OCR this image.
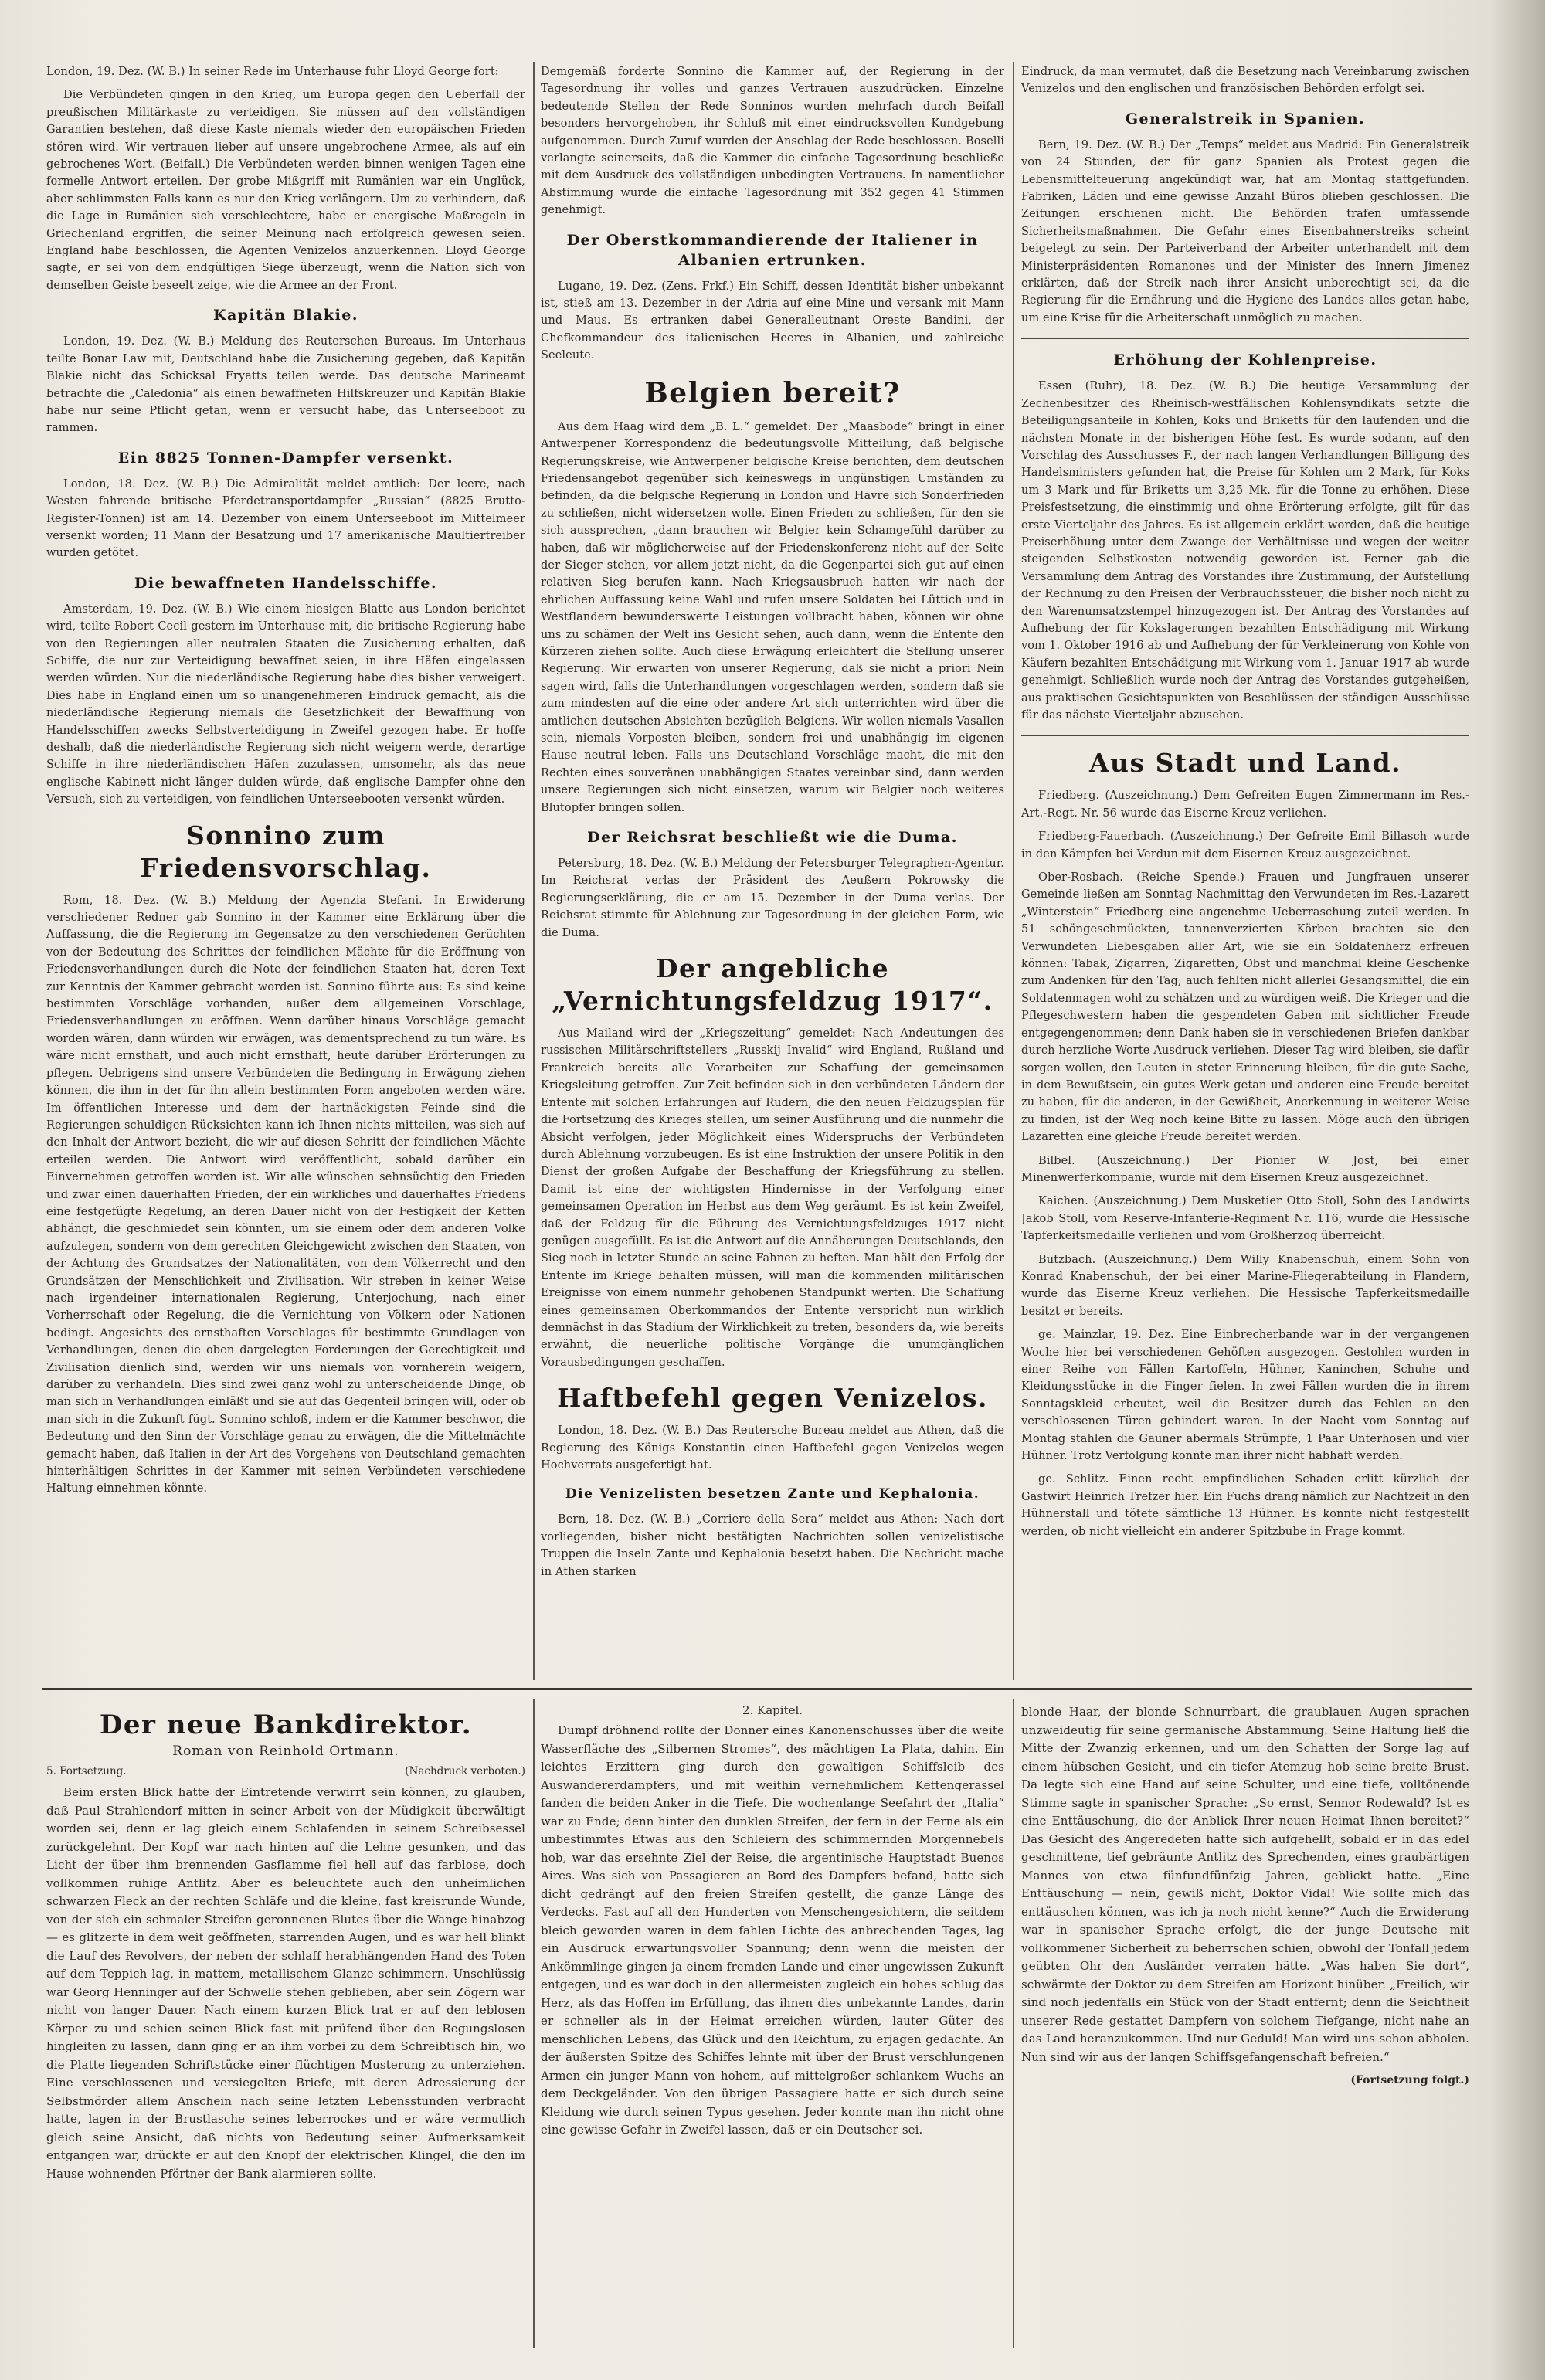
London, 19. Dez. (W. B.) In seiner Rede im Unterhause fuhr Lloyd George fort:

Die Verbündeten gingen in den Krieg, um Europa gegen den Ueberfall der preußischen Militärkaste zu verteidigen. Sie müssen auf den vollständigen Garantien bestehen, daß diese Kaste niemals wieder den europäischen Frieden stören wird. Wir vertrauen lieber auf unsere ungebrochene Armee, als auf ein gebrochenes Wort. (Beifall.) Die Verbündeten werden binnen wenigen Tagen eine formelle Antwort erteilen. Der grobe Mißgriff mit Rumänien war ein Unglück, aber schlimmsten Falls kann es nur den Krieg verlängern. Um zu verhindern, daß die Lage in Rumänien sich verschlechtere, habe er energische Maßregeln in Griechenland ergriffen, die seiner Meinung nach erfolgreich gewesen seien. England habe beschlossen, die Agenten Venizelos anzuerkennen. Lloyd George sagte, er sei von dem endgültigen Siege überzeugt, wenn die Nation sich von demselben Geiste beseelt zeige, wie die Armee an der Front.

Kapitän Blakie.

London, 19. Dez. (W. B.) Meldung des Reuterschen Bureaus. Im Unterhaus teilte Bonar Law mit, Deutschland habe die Zusicherung gegeben, daß Kapitän Blakie nicht das Schicksal Fryatts teilen werde. Das deutsche Marineamt betrachte die „Caledonia“ als einen bewaffneten Hilfskreuzer und Kapitän Blakie habe nur seine Pflicht getan, wenn er versucht habe, das Unterseeboot zu rammen.

Ein 8825 Tonnen-Dampfer versenkt.

London, 18. Dez. (W. B.) Die Admiralität meldet amtlich: Der leere, nach Westen fahrende britische Pferdetransportdampfer „Russian“ (8825 Brutto-Register-Tonnen) ist am 14. Dezember von einem Unterseeboot im Mittelmeer versenkt worden; 11 Mann der Besatzung und 17 amerikanische Maultiertreiber wurden getötet.

Die bewaffneten Handelsschiffe.

Amsterdam, 19. Dez. (W. B.) Wie einem hiesigen Blatte aus London berichtet wird, teilte Robert Cecil gestern im Unterhause mit, die britische Regierung habe von den Regierungen aller neutralen Staaten die Zusicherung erhalten, daß Schiffe, die nur zur Verteidigung bewaffnet seien, in ihre Häfen eingelassen werden würden. Nur die niederländische Regierung habe dies bisher verweigert. Dies habe in England einen um so unangenehmeren Eindruck gemacht, als die niederländische Regierung niemals die Gesetzlichkeit der Bewaffnung von Handelsschiffen zwecks Selbstverteidigung in Zweifel gezogen habe. Er hoffe deshalb, daß die niederländische Regierung sich nicht weigern werde, derartige Schiffe in ihre niederländischen Häfen zuzulassen, umsomehr, als das neue englische Kabinett nicht länger dulden würde, daß englische Dampfer ohne den Versuch, sich zu verteidigen, von feindlichen Unterseebooten versenkt würden.

Sonnino zum Friedensvorschlag.

Rom, 18. Dez. (W. B.) Meldung der Agenzia Stefani. In Erwiderung verschiedener Redner gab Sonnino in der Kammer eine Erklärung über die Auffassung, die die Regierung im Gegensatze zu den verschiedenen Gerüchten von der Bedeutung des Schrittes der feindlichen Mächte für die Eröffnung von Friedensverhandlungen durch die Note der feindlichen Staaten hat, deren Text zur Kenntnis der Kammer gebracht worden ist. Sonnino führte aus: Es sind keine bestimmten Vorschläge vorhanden, außer dem allgemeinen Vorschlage, Friedensverhandlungen zu eröffnen. Wenn darüber hinaus Vorschläge gemacht worden wären, dann würden wir erwägen, was dementsprechend zu tun wäre. Es wäre nicht ernsthaft, und auch nicht ernsthaft, heute darüber Erörterungen zu pflegen. Uebrigens sind unsere Verbündeten die Bedingung in Erwägung ziehen können, die ihm in der für ihn allein bestimmten Form angeboten werden wäre. Im öffentlichen Interesse und dem der hartnäckigsten Feinde sind die Regierungen schuldigen Rücksichten kann ich Ihnen nichts mitteilen, was sich auf den Inhalt der Antwort bezieht, die wir auf diesen Schritt der feindlichen Mächte erteilen werden. Die Antwort wird veröffentlicht, sobald darüber ein Einvernehmen getroffen worden ist. Wir alle wünschen sehnsüchtig den Frieden und zwar einen dauerhaften Frieden, der ein wirkliches und dauerhaftes Friedens eine festgefügte Regelung, an deren Dauer nicht von der Festigkeit der Ketten abhängt, die geschmiedet sein könnten, um sie einem oder dem anderen Volke aufzulegen, sondern von dem gerechten Gleichgewicht zwischen den Staaten, von der Achtung des Grundsatzes der Nationalitäten, von dem Völkerrecht und den Grundsätzen der Menschlichkeit und Zivilisation. Wir streben in keiner Weise nach irgendeiner internationalen Regierung, Unterjochung, nach einer Vorherrschaft oder Regelung, die die Vernichtung von Völkern oder Nationen bedingt. Angesichts des ernsthaften Vorschlages für bestimmte Grundlagen von Verhandlungen, denen die oben dargelegten Forderungen der Gerechtigkeit und Zivilisation dienlich sind, werden wir uns niemals von vornherein weigern, darüber zu verhandeln. Dies sind zwei ganz wohl zu unterscheidende Dinge, ob man sich in Verhandlungen einläßt und sie auf das Gegenteil bringen will, oder ob man sich in die Zukunft fügt. Sonnino schloß, indem er die Kammer beschwor, die Bedeutung und den Sinn der Vorschläge genau zu erwägen, die die Mittelmächte gemacht haben, daß Italien in der Art des Vorgehens von Deutschland gemachten hinterhältigen Schrittes in der Kammer mit seinen Verbündeten verschiedene Haltung einnehmen könnte.

Demgemäß forderte Sonnino die Kammer auf, der Regierung in der Tagesordnung ihr volles und ganzes Vertrauen auszudrücken. Einzelne bedeutende Stellen der Rede Sonninos wurden mehrfach durch Beifall besonders hervorgehoben, ihr Schluß mit einer eindrucksvollen Kundgebung aufgenommen. Durch Zuruf wurden der Anschlag der Rede beschlossen. Boselli verlangte seinerseits, daß die Kammer die einfache Tagesordnung beschließe mit dem Ausdruck des vollständigen unbedingten Vertrauens. In namentlicher Abstimmung wurde die einfache Tagesordnung mit 352 gegen 41 Stimmen genehmigt.

Der Oberstkommandierende der Italiener in Albanien ertrunken.

Lugano, 19. Dez. (Zens. Frkf.) Ein Schiff, dessen Identität bisher unbekannt ist, stieß am 13. Dezember in der Adria auf eine Mine und versank mit Mann und Maus. Es ertranken dabei Generalleutnant Oreste Bandini, der Chefkommandeur des italienischen Heeres in Albanien, und zahlreiche Seeleute.

Belgien bereit?

Aus dem Haag wird dem „B. L.“ gemeldet: Der „Maasbode“ bringt in einer Antwerpener Korrespondenz die bedeutungsvolle Mitteilung, daß belgische Regierungskreise, wie Antwerpener belgische Kreise berichten, dem deutschen Friedensangebot gegenüber sich keineswegs in ungünstigen Umständen zu befinden, da die belgische Regierung in London und Havre sich Sonderfrieden zu schließen, nicht widersetzen wolle. Einen Frieden zu schließen, für den sie sich aussprechen, „dann brauchen wir Belgier kein Schamgefühl darüber zu haben, daß wir möglicherweise auf der Friedenskonferenz nicht auf der Seite der Sieger stehen, vor allem jetzt nicht, da die Gegenpartei sich gut auf einen relativen Sieg berufen kann. Nach Kriegsausbruch hatten wir nach der ehrlichen Auffassung keine Wahl und rufen unsere Soldaten bei Lüttich und in Westflandern bewunderswerte Leistungen vollbracht haben, können wir ohne uns zu schämen der Welt ins Gesicht sehen, auch dann, wenn die Entente den Kürzeren ziehen sollte. Auch diese Erwägung erleichtert die Stellung unserer Regierung. Wir erwarten von unserer Regierung, daß sie nicht a priori Nein sagen wird, falls die Unterhandlungen vorgeschlagen werden, sondern daß sie zum mindesten auf die eine oder andere Art sich unterrichten wird über die amtlichen deutschen Absichten bezüglich Belgiens. Wir wollen niemals Vasallen sein, niemals Vorposten bleiben, sondern frei und unabhängig im eigenen Hause neutral leben. Falls uns Deutschland Vorschläge macht, die mit den Rechten eines souveränen unabhängigen Staates vereinbar sind, dann werden unsere Regierungen sich nicht einsetzen, warum wir Belgier noch weiteres Blutopfer bringen sollen.

Der Reichsrat beschließt wie die Duma.

Petersburg, 18. Dez. (W. B.) Meldung der Petersburger Telegraphen-Agentur. Im Reichsrat verlas der Präsident des Aeußern Pokrowsky die Regierungserklärung, die er am 15. Dezember in der Duma verlas. Der Reichsrat stimmte für Ablehnung zur Tagesordnung in der gleichen Form, wie die Duma.

Der angebliche
„Vernichtungsfeldzug 1917“.

Aus Mailand wird der „Kriegszeitung“ gemeldet: Nach Andeutungen des russischen Militärschriftstellers „Russkij Invalid“ wird England, Rußland und Frankreich bereits alle Vorarbeiten zur Schaffung der gemeinsamen Kriegsleitung getroffen. Zur Zeit befinden sich in den verbündeten Ländern der Entente mit solchen Erfahrungen auf Rudern, die den neuen Feldzugsplan für die Fortsetzung des Krieges stellen, um seiner Ausführung und die nunmehr die Absicht verfolgen, jeder Möglichkeit eines Widerspruchs der Verbündeten durch Ablehnung vorzubeugen. Es ist eine Instruktion der unsere Politik in den Dienst der großen Aufgabe der Beschaffung der Kriegsführung zu stellen. Damit ist eine der wichtigsten Hindernisse in der Verfolgung einer gemeinsamen Operation im Herbst aus dem Weg geräumt. Es ist kein Zweifel, daß der Feldzug für die Führung des Vernichtungsfeldzuges 1917 nicht genügen ausgefüllt. Es ist die Antwort auf die Annäherungen Deutschlands, den Sieg noch in letzter Stunde an seine Fahnen zu heften. Man hält den Erfolg der Entente im Kriege behalten müssen, will man die kommenden militärischen Ereignisse von einem nunmehr gehobenen Standpunkt werten. Die Schaffung eines gemeinsamen Oberkommandos der Entente verspricht nun wirklich demnächst in das Stadium der Wirklichkeit zu treten, besonders da, wie bereits erwähnt, die neuerliche politische Vorgänge die unumgänglichen Vorausbedingungen geschaffen.

Haftbefehl gegen Venizelos.

London, 18. Dez. (W. B.) Das Reutersche Bureau meldet aus Athen, daß die Regierung des Königs Konstantin einen Haftbefehl gegen Venizelos wegen Hochverrats ausgefertigt hat.

Die Venizelisten besetzen Zante und Kephalonia.

Bern, 18. Dez. (W. B.) „Corriere della Sera“ meldet aus Athen: Nach dort vorliegenden, bisher nicht bestätigten Nachrichten sollen venizelistische Truppen die Inseln Zante und Kephalonia besetzt haben. Die Nachricht mache in Athen starken

Eindruck, da man vermutet, daß die Besetzung nach Vereinbarung zwischen Venizelos und den englischen und französischen Behörden erfolgt sei.

Generalstreik in Spanien.

Bern, 19. Dez. (W. B.) Der „Temps“ meldet aus Madrid: Ein Generalstreik von 24 Stunden, der für ganz Spanien als Protest gegen die Lebensmittelteuerung angekündigt war, hat am Montag stattgefunden. Fabriken, Läden und eine gewisse Anzahl Büros blieben geschlossen. Die Zeitungen erschienen nicht. Die Behörden trafen umfassende Sicherheitsmaßnahmen. Die Gefahr eines Eisenbahnerstreiks scheint beigelegt zu sein. Der Parteiverband der Arbeiter unterhandelt mit dem Ministerpräsidenten Romanones und der Minister des Innern Jimenez erklärten, daß der Streik nach ihrer Ansicht unberechtigt sei, da die Regierung für die Ernährung und die Hygiene des Landes alles getan habe, um eine Krise für die Arbeiterschaft unmöglich zu machen.

Erhöhung der Kohlenpreise.

Essen (Ruhr), 18. Dez. (W. B.) Die heutige Versammlung der Zechenbesitzer des Rheinisch-westfälischen Kohlensyndikats setzte die Beteiligungsanteile in Kohlen, Koks und Briketts für den laufenden und die nächsten Monate in der bisherigen Höhe fest. Es wurde sodann, auf den Vorschlag des Ausschusses F., der nach langen Verhandlungen Billigung des Handelsministers gefunden hat, die Preise für Kohlen um 2 Mark, für Koks um 3 Mark und für Briketts um 3,25 Mk. für die Tonne zu erhöhen. Diese Preisfestsetzung, die einstimmig und ohne Erörterung erfolgte, gilt für das erste Vierteljahr des Jahres. Es ist allgemein erklärt worden, daß die heutige Preiserhöhung unter dem Zwange der Verhältnisse und wegen der weiter steigenden Selbstkosten notwendig geworden ist. Ferner gab die Versammlung dem Antrag des Vorstandes ihre Zustimmung, der Aufstellung der Rechnung zu den Preisen der Verbrauchssteuer, die bisher noch nicht zu den Warenumsatzstempel hinzugezogen ist. Der Antrag des Vorstandes auf Aufhebung der für Kokslagerungen bezahlten Entschädigung mit Wirkung vom 1. Oktober 1916 ab und Aufhebung der für Verkleinerung von Kohle von Käufern bezahlten Entschädigung mit Wirkung vom 1. Januar 1917 ab wurde genehmigt. Schließlich wurde noch der Antrag des Vorstandes gutgeheißen, aus praktischen Gesichtspunkten von Beschlüssen der ständigen Ausschüsse für das nächste Vierteljahr abzusehen.

Aus Stadt und Land.

Friedberg. (Auszeichnung.) Dem Gefreiten Eugen Zimmermann im Res.-Art.-Regt. Nr. 56 wurde das Eiserne Kreuz verliehen.

Friedberg-Fauerbach. (Auszeichnung.) Der Gefreite Emil Billasch wurde in den Kämpfen bei Verdun mit dem Eisernen Kreuz ausgezeichnet.

Ober-Rosbach. (Reiche Spende.) Frauen und Jungfrauen unserer Gemeinde ließen am Sonntag Nachmittag den Verwundeten im Res.-Lazarett „Winterstein“ Friedberg eine angenehme Ueberraschung zuteil werden. In 51 schöngeschmückten, tannenverzierten Körben brachten sie den Verwundeten Liebesgaben aller Art, wie sie ein Soldatenherz erfreuen können: Tabak, Zigarren, Zigaretten, Obst und manchmal kleine Geschenke zum Andenken für den Tag; auch fehlten nicht allerlei Gesangsmittel, die ein Soldatenmagen wohl zu schätzen und zu würdigen weiß. Die Krieger und die Pflegeschwestern haben die gespendeten Gaben mit sichtlicher Freude entgegengenommen; denn Dank haben sie in verschiedenen Briefen dankbar durch herzliche Worte Ausdruck verliehen. Dieser Tag wird bleiben, sie dafür sorgen wollen, den Leuten in steter Erinnerung bleiben, für die gute Sache, in dem Bewußtsein, ein gutes Werk getan und anderen eine Freude bereitet zu haben, für die anderen, in der Gewißheit, Anerkennung in weiterer Weise zu finden, ist der Weg noch keine Bitte zu lassen. Möge auch den übrigen Lazaretten eine gleiche Freude bereitet werden.

Bilbel. (Auszeichnung.) Der Pionier W. Jost, bei einer Minenwerferkompanie, wurde mit dem Eisernen Kreuz ausgezeichnet.

Kaichen. (Auszeichnung.) Dem Musketier Otto Stoll, Sohn des Landwirts Jakob Stoll, vom Reserve-Infanterie-Regiment Nr. 116, wurde die Hessische Tapferkeitsmedaille verliehen und vom Großherzog überreicht.

Butzbach. (Auszeichnung.) Dem Willy Knabenschuh, einem Sohn von Konrad Knabenschuh, der bei einer Marine-Fliegerabteilung in Flandern, wurde das Eiserne Kreuz verliehen. Die Hessische Tapferkeitsmedaille besitzt er bereits.

ge. Mainzlar, 19. Dez. Eine Einbrecherbande war in der vergangenen Woche hier bei verschiedenen Gehöften ausgezogen. Gestohlen wurden in einer Reihe von Fällen Kartoffeln, Hühner, Kaninchen, Schuhe und Kleidungsstücke in die Finger fielen. In zwei Fällen wurden die in ihrem Sonntagskleid erbeutet, weil die Besitzer durch das Fehlen an den verschlossenen Türen gehindert waren. In der Nacht vom Sonntag auf Montag stahlen die Gauner abermals Strümpfe, 1 Paar Unterhosen und vier Hühner. Trotz Verfolgung konnte man ihrer nicht habhaft werden.

ge. Schlitz. Einen recht empfindlichen Schaden erlitt kürzlich der Gastwirt Heinrich Trefzer hier. Ein Fuchs drang nämlich zur Nachtzeit in den Hühnerstall und tötete sämtliche 13 Hühner. Es konnte nicht festgestellt werden, ob nicht vielleicht ein anderer Spitzbube in Frage kommt.

Der neue Bankdirektor.
Roman von Reinhold Ortmann.
5. Fortsetzung.	(Nachdruck verboten.)

Beim ersten Blick hatte der Eintretende verwirrt sein können, zu glauben, daß Paul Strahlendorf mitten in seiner Arbeit von der Müdigkeit überwältigt worden sei; denn er lag gleich einem Schlafenden in seinem Schreibsessel zurückgelehnt. Der Kopf war nach hinten auf die Lehne gesunken, und das Licht der über ihm brennenden Gasflamme fiel hell auf das farblose, doch vollkommen ruhige Antlitz. Aber es beleuchtete auch den unheimlichen schwarzen Fleck an der rechten Schläfe und die kleine, fast kreisrunde Wunde, von der sich ein schmaler Streifen geronnenen Blutes über die Wange hinabzog — es glitzerte in dem weit geöffneten, starrenden Augen, und es war hell blinkt die Lauf des Revolvers, der neben der schlaff herabhängenden Hand des Toten auf dem Teppich lag, in mattem, metallischem Glanze schimmern. Unschlüssig war Georg Henninger auf der Schwelle stehen geblieben, aber sein Zögern war nicht von langer Dauer. Nach einem kurzen Blick trat er auf den leblosen Körper zu und schien seinen Blick fast mit prüfend über den Regungslosen hingleiten zu lassen, dann ging er an ihm vorbei zu dem Schreibtisch hin, wo die Platte liegenden Schriftstücke einer flüchtigen Musterung zu unterziehen. Eine verschlossenen und versiegelten Briefe, mit deren Adressierung der Selbstmörder allem Anschein nach seine letzten Lebensstunden verbracht hatte, lagen in der Brustlasche seines leberrockes und er wäre vermutlich gleich seine Ansicht, daß nichts von Bedeutung seiner Aufmerksamkeit entgangen war, drückte er auf den Knopf der elektrischen Klingel, die den im Hause wohnenden Pförtner der Bank alarmieren sollte.

2. Kapitel.

Dumpf dröhnend rollte der Donner eines Kanonenschusses über die weite Wasserfläche des „Silbernen Stromes“, des mächtigen La Plata, dahin. Ein leichtes Erzittern ging durch den gewaltigen Schiffsleib des Auswandererdampfers, und mit weithin vernehmlichem Kettengerassel fanden die beiden Anker in die Tiefe. Die wochenlange Seefahrt der „Italia“ war zu Ende; denn hinter den dunklen Streifen, der fern in der Ferne als ein unbestimmtes Etwas aus den Schleiern des schimmernden Morgennebels hob, war das ersehnte Ziel der Reise, die argentinische Hauptstadt Buenos Aires. Was sich von Passagieren an Bord des Dampfers befand, hatte sich dicht gedrängt auf den freien Streifen gestellt, die ganze Länge des Verdecks. Fast auf all den Hunderten von Menschengesichtern, die seitdem bleich geworden waren in dem fahlen Lichte des anbrechenden Tages, lag ein Ausdruck erwartungsvoller Spannung; denn wenn die meisten der Ankömmlinge gingen ja einem fremden Lande und einer ungewissen Zukunft entgegen, und es war doch in den allermeisten zugleich ein hohes schlug das Herz, als das Hoffen im Erfüllung, das ihnen dies unbekannte Landes, darin er schneller als in der Heimat erreichen würden, lauter Güter des menschlichen Lebens, das Glück und den Reichtum, zu erjagen gedachte. An der äußersten Spitze des Schiffes lehnte mit über der Brust verschlungenen Armen ein junger Mann von hohem, auf mittelgroßer schlankem Wuchs an dem Deckgeländer. Von den übrigen Passagiere hatte er sich durch seine Kleidung wie durch seinen Typus gesehen. Jeder konnte man ihn nicht ohne eine gewisse Gefahr in Zweifel lassen, daß er ein Deutscher sei.

blonde Haar, der blonde Schnurrbart, die graublauen Augen sprachen unzweideutig für seine germanische Abstammung. Seine Haltung ließ die Mitte der Zwanzig erkennen, und um den Schatten der Sorge lag auf einem hübschen Gesicht, und ein tiefer Atemzug hob seine breite Brust. Da legte sich eine Hand auf seine Schulter, und eine tiefe, volltönende Stimme sagte in spanischer Sprache: „So ernst, Sennor Rodewald? Ist es eine Enttäuschung, die der Anblick Ihrer neuen Heimat Ihnen bereitet?“ Das Gesicht des Angeredeten hatte sich aufgehellt, sobald er in das edel geschnittene, tief gebräunte Antlitz des Sprechenden, eines graubärtigen Mannes von etwa fünfundfünfzig Jahren, geblickt hatte. „Eine Enttäuschung — nein, gewiß nicht, Doktor Vidal! Wie sollte mich das enttäuschen können, was ich ja noch nicht kenne?“ Auch die Erwiderung war in spanischer Sprache erfolgt, die der junge Deutsche mit vollkommener Sicherheit zu beherrschen schien, obwohl der Tonfall jedem geübten Ohr den Ausländer verraten hätte. „Was haben Sie dort“, schwärmte der Doktor zu dem Streifen am Horizont hinüber. „Freilich, wir sind noch jedenfalls ein Stück von der Stadt entfernt; denn die Seichtheit unserer Rede gestattet Dampfern von solchem Tiefgange, nicht nahe an das Land heranzukommen. Und nur Geduld! Man wird uns schon abholen. Nun sind wir aus der langen Schiffsgefangenschaft befreien.“

(Fortsetzung folgt.)
